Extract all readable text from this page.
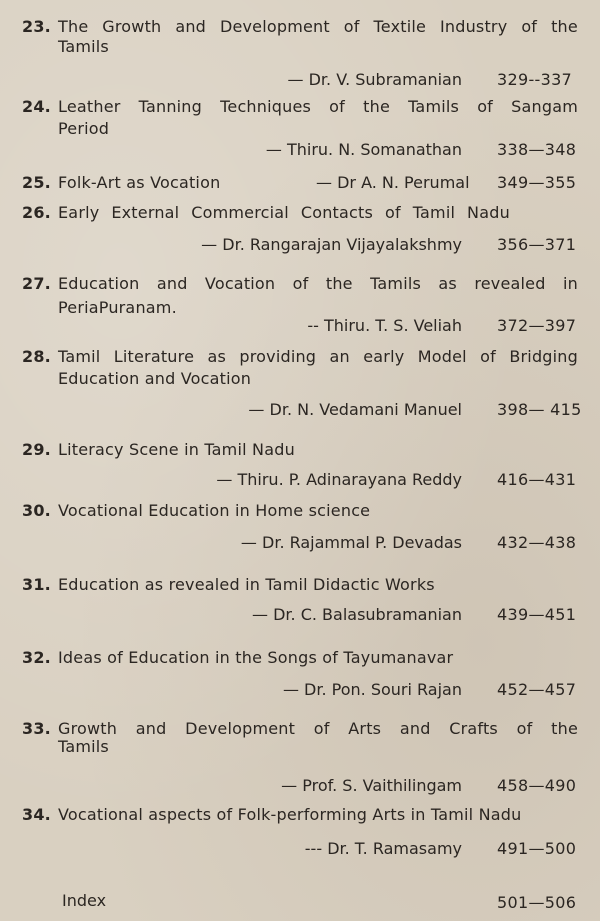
23. The Growth and Development of Textile Industry of the
Tamils
— Dr. V. Subramanian 329--337
24. Leather Tanning Techniques of the Tamils of Sangam
Period
— Thiru. N. Somanathan 338—348
25. Folk-Art as Vocation	— Dr A. N. Perumal 349—355
26. Early External Commercial Contacts of Tamil Nadu
— Dr. Rangarajan Vijayalakshmy 356—371
27. Education and Vocation of the Tamils as revealed in
PeriaPuranam.
-- Thiru. T. S. Veliah 372—397
28. Tamil Literature as providing an early Model of Bridging
Education and Vocation
— Dr. N. Vedamani Manuel 398— 415
29. Literacy Scene in Tamil Nadu
— Thiru. P. Adinarayana Reddy 416—431
30. Vocational Education in Home science
— Dr. Rajammal P. Devadas 432—438
31. Education as revealed in Tamil Didactic Works
— Dr. C. Balasubramanian 439—451
32. Ideas of Education in the Songs of Tayumanavar
— Dr. Pon. Souri Rajan 452—457
33. Growth and Development of Arts and Crafts of the
Tamils
— Prof. S. Vaithilingam 458—490
34. Vocational aspects of Folk-performing Arts in Tamil Nadu
--- Dr. T. Ramasamy 491—500
Index	501—506
